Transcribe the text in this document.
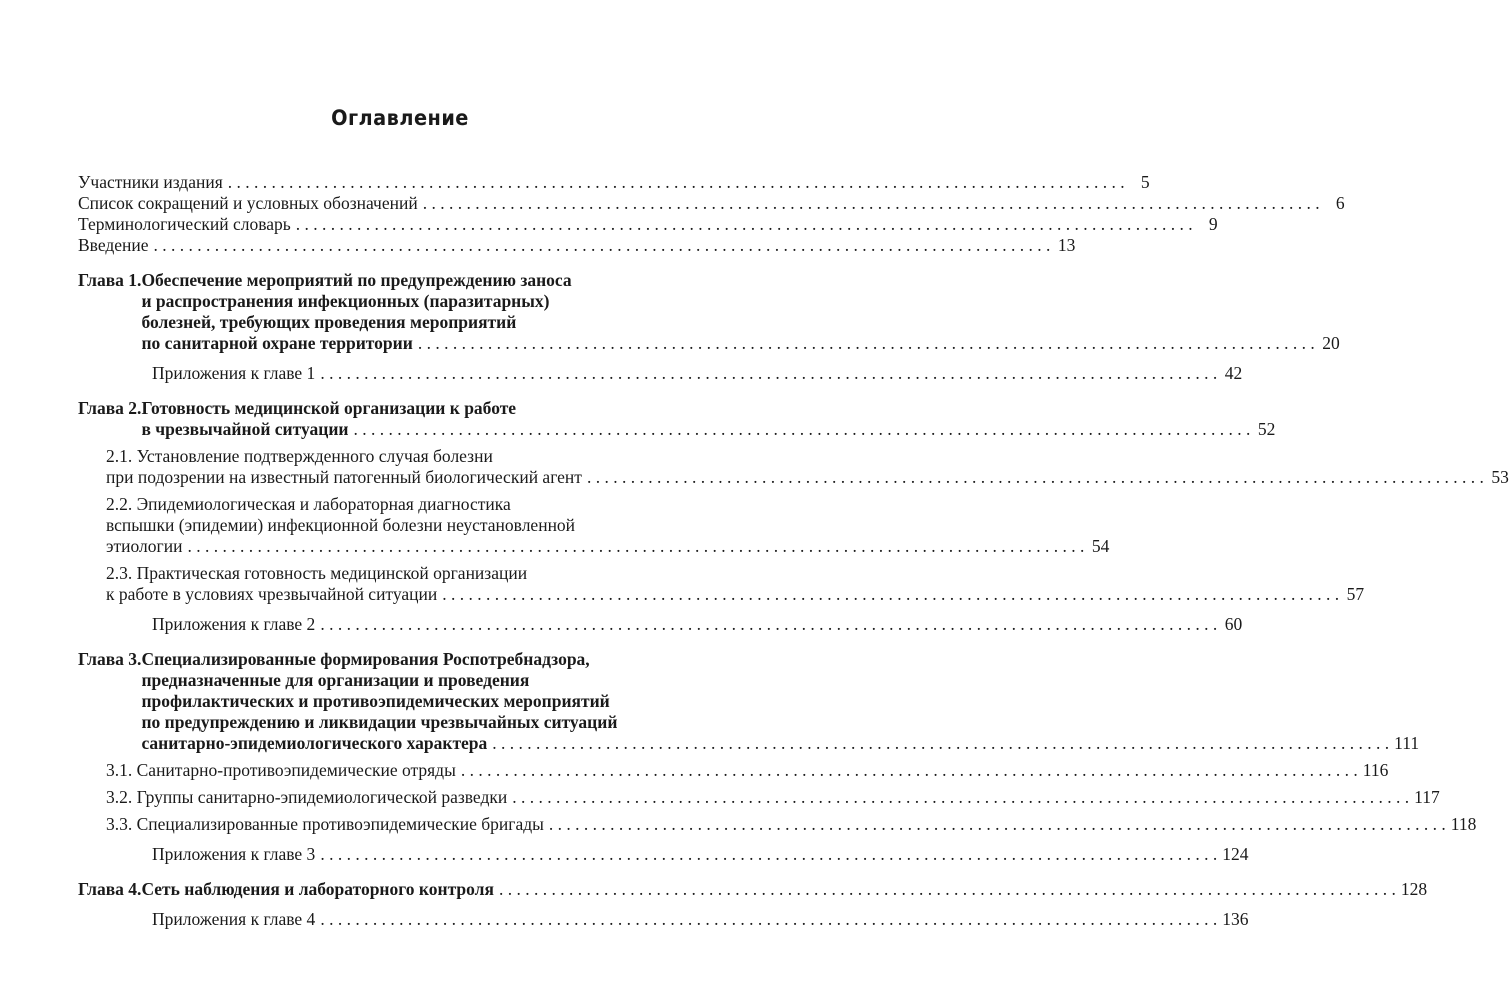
Оглавление
Участники издания . . .	5
Список сокращений и условных обозначений . . .	6
Терминологический словарь . . .	9
Введение . . .	13
Глава 1. Обеспечение мероприятий по предупреждению заноса
и распространения инфекционных (паразитарных)
болезней, требующих проведения мероприятий
по санитарной охране территории . . .	20
Приложения к главе 1 . . .	42
Глава 2. Готовность медицинской организации к работе
в чрезвычайной ситуации . . .	52
2.1. Установление подтвержденного случая болезни
при подозрении на известный патогенный биологический агент . . .	53
2.2. Эпидемиологическая и лабораторная диагностика
вспышки (эпидемии) инфекционной болезни неустановленной
этиологии . . .	54
2.3. Практическая готовность медицинской организации
к работе в условиях чрезвычайной ситуации . . .	57
Приложения к главе 2 . . .	60
Глава 3. Специализированные формирования Роспотребнадзора,
предназначенные для организации и проведения
профилактических и противоэпидемических мероприятий
по предупреждению и ликвидации чрезвычайных ситуаций
санитарно-эпидемиологического характера . . .	111
3.1. Санитарно-противоэпидемические отряды . . .	116
3.2. Группы санитарно-эпидемиологической разведки . . .	117
3.3. Специализированные противоэпидемические бригады . . .	118
Приложения к главе 3 . . .	124
Глава 4. Сеть наблюдения и лабораторного контроля . . .	128
Приложения к главе 4 . . .	136
